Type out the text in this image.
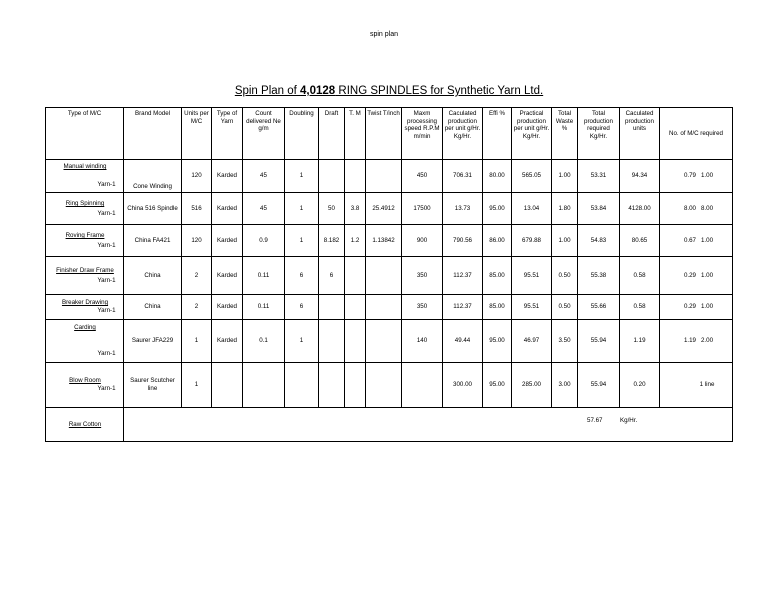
spin plan
Spin Plan of 4,0128 RING SPINDLES for Synthetic Yarn Ltd.
Type of M/C	Brand Model	Units per M/C	Type of Yarn	Count delivered Ne g/m	Doubling	Draft	T. M	Twist T/inch	Maxm processing speed R.P.M m/min	Caculated production per unit g/Hr. Kg/Hr.	Effi %	Practical production per unit g/Hr. Kg/Hr.	Total Waste %	Total production required Kg/Hr.	Caculated production units	No. of M/C required

Manual winding
Yarn-1	Cone Winding	120	Karded	45	1				450	706.31	80.00	565.05	1.00	53.31	94.34	0.79 1.00

Ring Spinning
Yarn-1	China 516 Spindle	516	Karded	45	1	50	3.8	25.4912	17500	13.73	95.00	13.04	1.80	53.84	4128.00	8.00 8.00

Roving Frame
Yarn-1	China FA421	120	Karded	0.9	1	8.182	1.2	1.13842	900	790.56	86.00	679.88	1.00	54.83	80.65	0.67 1.00

Finisher Draw Frame
Yarn-1	China	2	Karded	0.11	6	6			350	112.37	85.00	95.51	0.50	55.38	0.58	0.29 1.00

Breaker Drawing
Yarn-1	China	2	Karded	0.11	6				350	112.37	85.00	95.51	0.50	55.66	0.58	0.29 1.00

Carding
Yarn-1	Saurer JFA229	1	Karded	0.1	1				140	49.44	95.00	46.97	3.50	55.94	1.19	1.19 2.00

Blow Room
Yarn-1	Saurer Scutcher line	1								300.00	95.00	285.00	3.00	55.94	0.20	1 line

Raw Cotton	57.67 Kg/Hr.															
